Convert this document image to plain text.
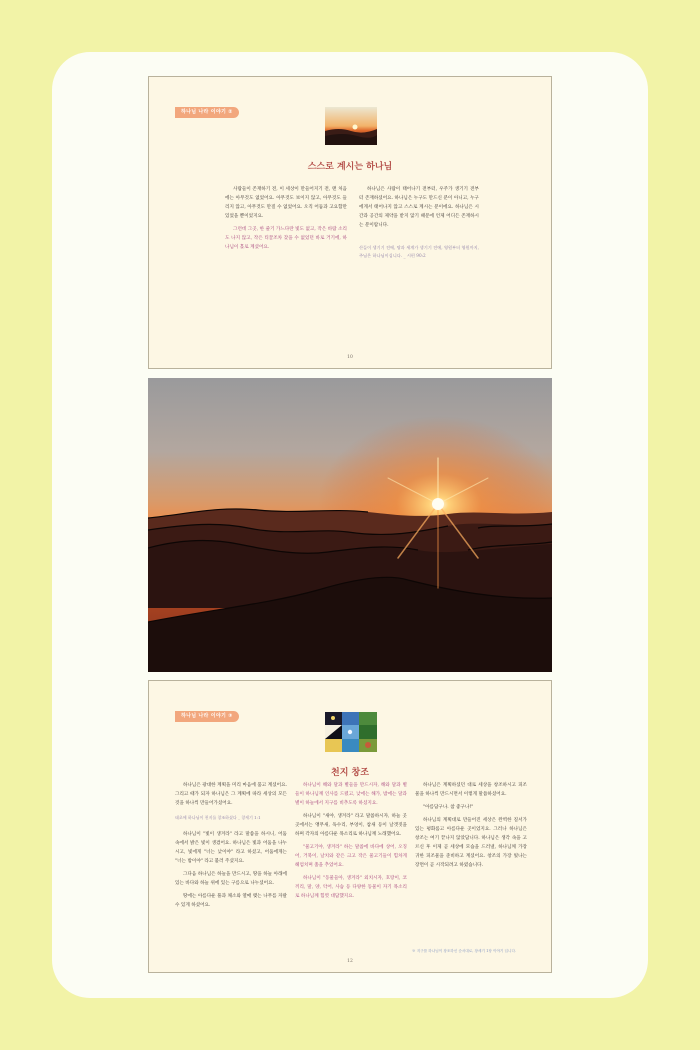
하나님 나라 이야기 ②
스스로 계시는 하나님

사람들이 존재하기 전, 이 세상이 만들어지기 전, 맨 처음에는 아무것도 없었어요. 아무것도 보이지 않고, 아무것도 들리지 않고, 아무것도 만질 수 없었어요. 오직 어둠과 고요함만 있었을 뿐이었지요.

그런데 그곳, 한 줄기 가느다란 빛도 없고, 작은 바람 소리도 나지 않고, 작은 티끌조차 찾을 수 없었던 바로 거기에, 하나님이 홀로 계셨어요.

하나님은 사람이 태어나기 전부터, 우주가 생기기 전부터 존재하셨어요. 하나님은 누구도 만드신 분이 아니고, 누구에게서 태어나지 않고 스스로 계시는 분이에요. 하나님은 시간과 공간의 제약을 받지 않기 때문에 언제 어디든 존재하시는 분이랍니다.

산들이 생기기 전에, 땅과 세계가 생기기 전에, 영원부터 영원까지, 주님은 하나님이십니다. _ 시편 90:2

10
하나님 나라 이야기 ③
천지 창조

하나님은 광대한 계획을 미리 마음에 품고 계셨어요. 그리고 때가 되자 하나님은 그 계획에 따라 세상의 모든 것을 하나씩 만들어가셨어요.

태초에 하나님이 천지를 창조하셨다 _ 창세기 1:1

하나님이 "빛이 생겨라" 라고 말씀을 하시니, 어둠 속에서 밝은 빛이 생겼어요. 하나님은 빛과 어둠을 나누시고, 빛에게 "너는 낮이야" 라고 하셨고, 어둠에게는 "너는 밤이야" 라고 불러 주셨지요.

그다음 하나님은 하늘을 만드시고, 땅을 하늘 아래에 있는 바다와 하늘 위에 있는 구름으로 나누셨어요.

땅에는 아름다운 풀과 채소와 열매 맺는 나무를 자랄 수 있게 하셨어요.

하나님이 해와 달과 별들을 만드시자, 해와 달과 별들이 하나님께 인사를 드렸고, 낮에는 해가, 밤에는 달과 별이 하늘에서 지구를 비추도록 하셨지요.

하나님이 "새야, 생겨라" 라고 말씀하시자, 하늘 곳곳에서는 앵무새, 독수리, 부엉이, 참새 등이 날갯짓을 하며 각자의 아름다운 목소리로 하나님께 노래했어요.

"물고기야, 생겨라" 하는 말씀에 바다에 상어, 오징어, 거북이, 날치와 같은 크고 작은 물고기들이 힘차게 헤엄치며 춤을 추었어요.

하나님이 "동물들아, 생겨라" 외치시자, 호랑이, 코끼리, 말, 양, 악어, 사슴 등 다양한 동물이 자기 목소리로 하나님께 힘껏 대답했지요.

하나님은 계획하셨던 대로 세상을 창조하시고 피조물을 하나씩 만드시면서 이렇게 말씀하셨어요.

"아름답구나. 참 좋구나!"

하나님의 계획대로 만들어진 세상은 완벽한 질서가 있는 평화롭고 아름다운 곳이었지요. 그러나 하나님은 창조는 여기 끝나지 않았답니다. 하나님은 생각 속을 고르신 후 이제 곧 세상에 모습을 드러낼, 하나님께 가장 귀한 피조물을 준비하고 계셨어요. 창조의 가장 빛나는 장면이 곧 시작되려고 하였습니다.

※ 지구를 하나님이 창조하신 순서대로, 창세기 1장 이야기 입니다.
12
